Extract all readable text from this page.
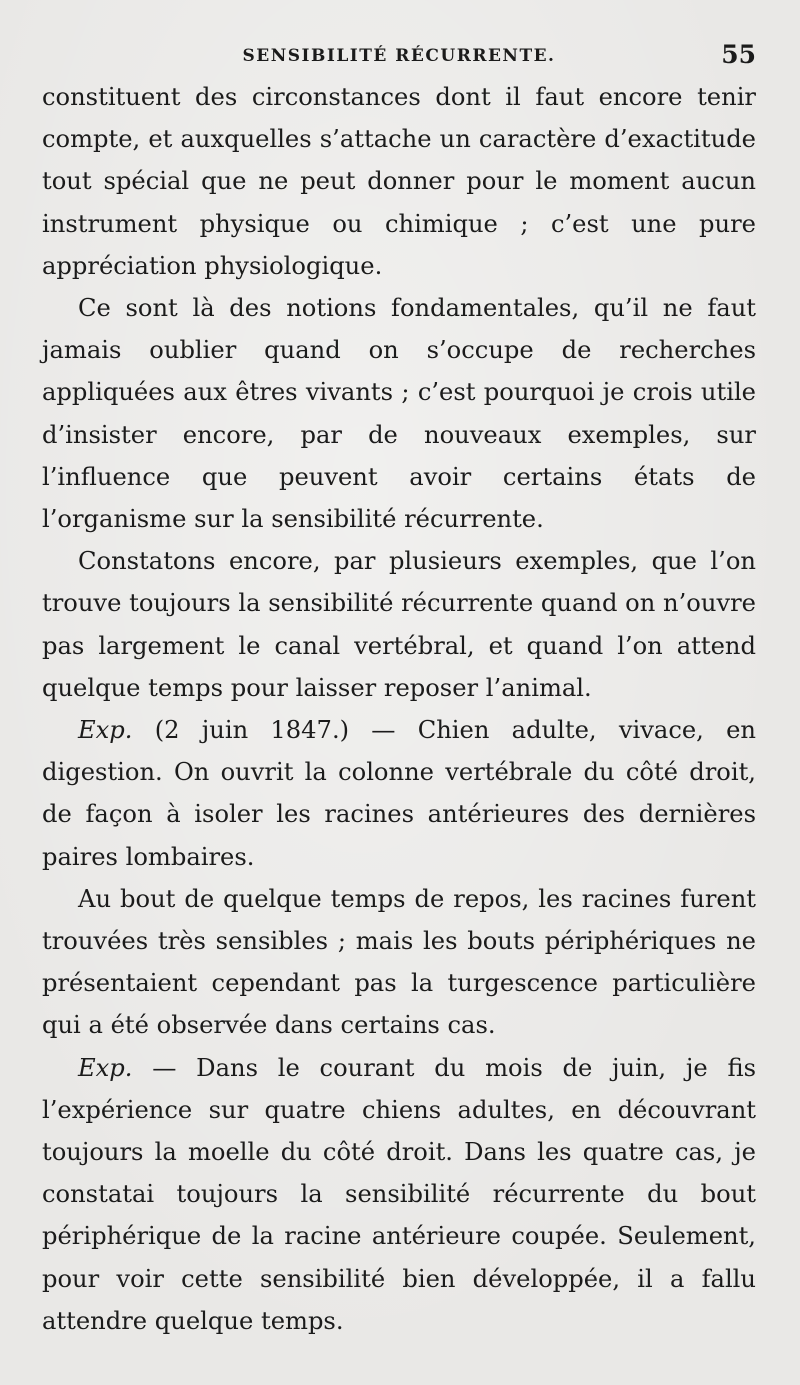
SENSIBILITÉ RÉCURRENTE.	55

constituent des circonstances dont il faut encore tenir compte, et auxquelles s’attache un caractère d’exactitude tout spécial que ne peut donner pour le moment aucun instrument physique ou chimique ; c’est une pure appréciation physiologique.

Ce sont là des notions fondamentales, qu’il ne faut jamais oublier quand on s’occupe de recherches appliquées aux êtres vivants ; c’est pourquoi je crois utile d’insister encore, par de nouveaux exemples, sur l’influence que peuvent avoir certains états de l’organisme sur la sensibilité récurrente.

Constatons encore, par plusieurs exemples, que l’on trouve toujours la sensibilité récurrente quand on n’ouvre pas largement le canal vertébral, et quand l’on attend quelque temps pour laisser reposer l’animal.

Exp. (2 juin 1847.) — Chien adulte, vivace, en digestion. On ouvrit la colonne vertébrale du côté droit, de façon à isoler les racines antérieures des dernières paires lombaires.

Au bout de quelque temps de repos, les racines furent trouvées très sensibles ; mais les bouts périphériques ne présentaient cependant pas la turgescence particulière qui a été observée dans certains cas.

Exp. — Dans le courant du mois de juin, je fis l’expérience sur quatre chiens adultes, en découvrant toujours la moelle du côté droit. Dans les quatre cas, je constatai toujours la sensibilité récurrente du bout périphérique de la racine antérieure coupée. Seulement, pour voir cette sensibilité bien développée, il a fallu attendre quelque temps.
